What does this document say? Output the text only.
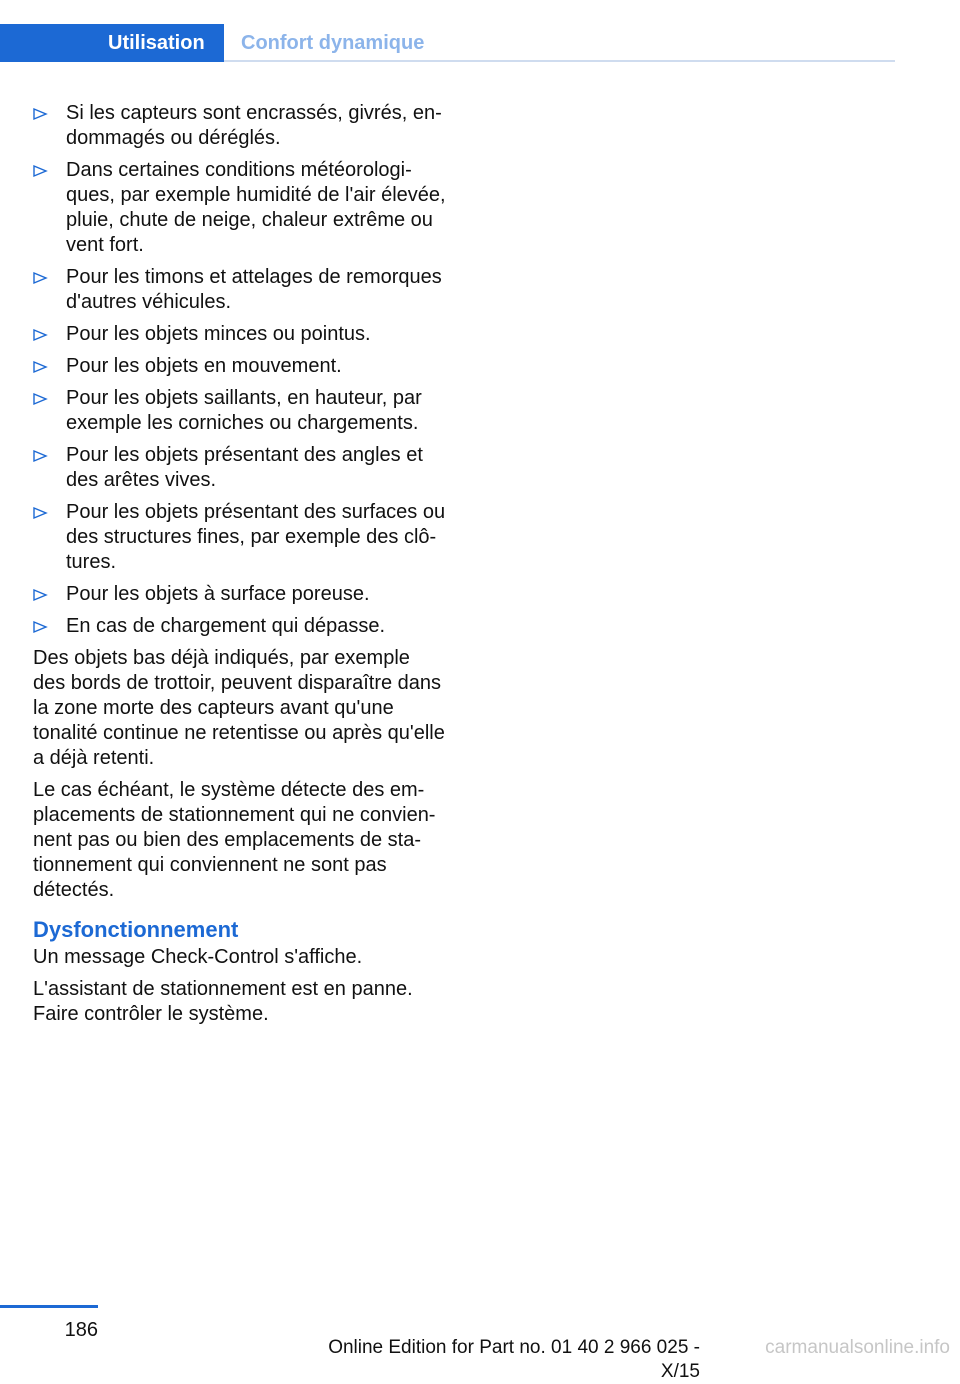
Utilisation	Confort dynamique
Si les capteurs sont encrassés, givrés, en‐ dommagés ou déréglés.
Dans certaines conditions météorologi‐ ques, par exemple humidité de l'air élevée, pluie, chute de neige, chaleur extrême ou vent fort.
Pour les timons et attelages de remorques d'autres véhicules.
Pour les objets minces ou pointus.
Pour les objets en mouvement.
Pour les objets saillants, en hauteur, par exemple les corniches ou chargements.
Pour les objets présentant des angles et des arêtes vives.
Pour les objets présentant des surfaces ou des structures fines, par exemple des clô‐ tures.
Pour les objets à surface poreuse.
En cas de chargement qui dépasse.

Des objets bas déjà indiqués, par exemple des bords de trottoir, peuvent disparaître dans la zone morte des capteurs avant qu'une tonalité continue ne retentisse ou après qu'elle a déjà retenti.

Le cas échéant, le système détecte des em‐ placements de stationnement qui ne convien‐ nent pas ou bien des emplacements de sta‐ tionnement qui conviennent ne sont pas détectés.

Dysfonctionnement

Un message Check-Control s'affiche.

L'assistant de stationnement est en panne. Faire contrôler le système.

186
Online Edition for Part no. 01 40 2 966 025 - X/15
carmanualsonline.info
